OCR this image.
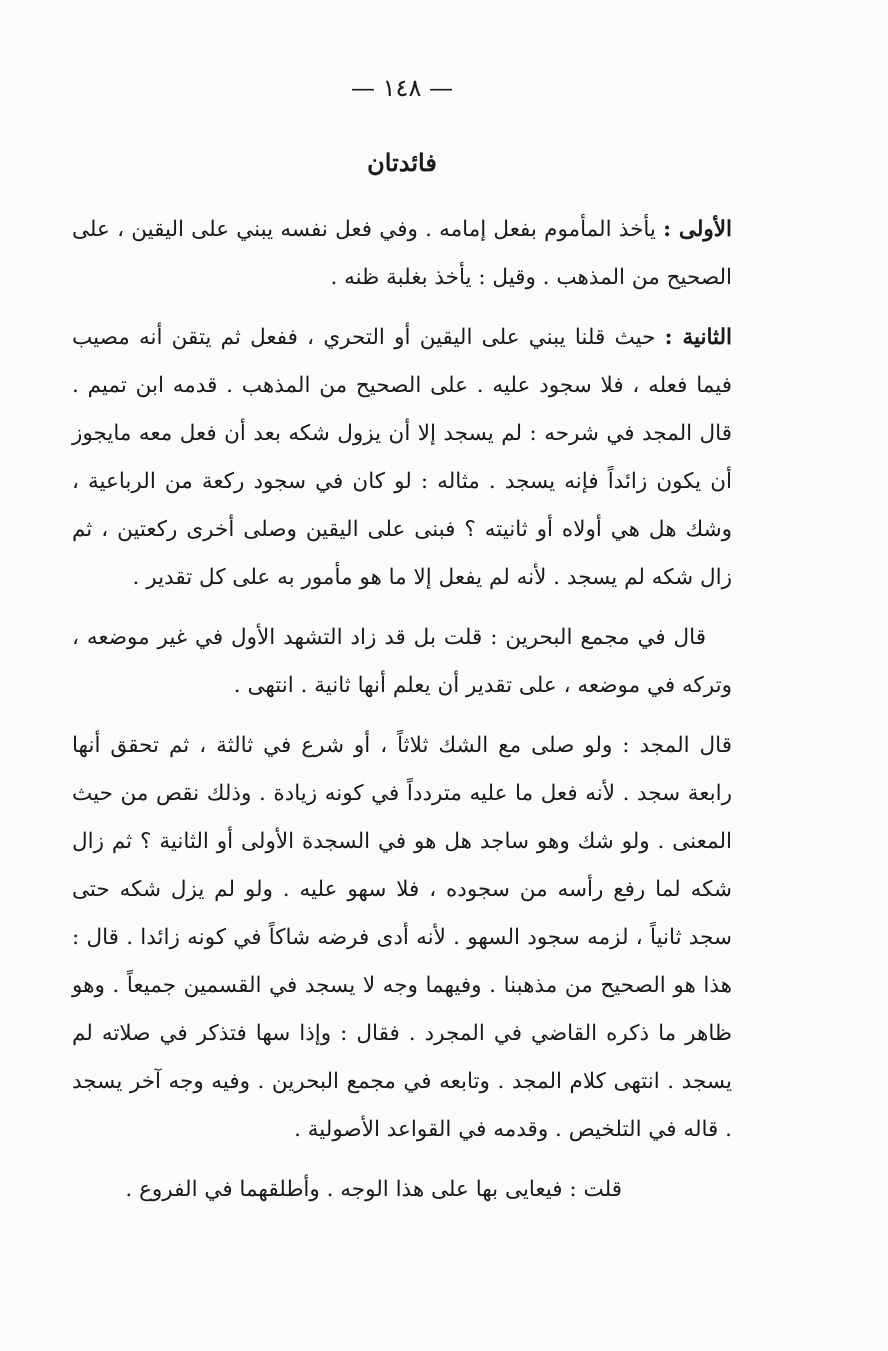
— ١٤٨ —
فائدتان

الأولى : يأخذ المأموم بفعل إمامه . وفي فعل نفسه يبني على اليقين ، على الصحيح من المذهب . وقيل : يأخذ بغلبة ظنه .

الثانية : حيث قلنا يبني على اليقين أو التحري ، ففعل ثم يتقن أنه مصيب فيما فعله ، فلا سجود عليه . على الصحيح من المذهب . قدمه ابن تميم . قال المجد في شرحه : لم يسجد إلا أن يزول شكه بعد أن فعل معه مايجوز أن يكون زائداً فإنه يسجد . مثاله : لو كان في سجود ركعة من الرباعية ، وشك هل هي أولاه أو ثانيته ؟ فبنى على اليقين وصلى أخرى ركعتين ، ثم زال شكه لم يسجد . لأنه لم يفعل إلا ما هو مأمور به على كل تقدير .

قال في مجمع البحرين : قلت بل قد زاد التشهد الأول في غير موضعه ، وتركه في موضعه ، على تقدير أن يعلم أنها ثانية . انتهى .

قال المجد : ولو صلى مع الشك ثلاثاً ، أو شرع في ثالثة ، ثم تحقق أنها رابعة سجد . لأنه فعل ما عليه متردداً في كونه زيادة . وذلك نقص من حيث المعنى . ولو شك وهو ساجد هل هو في السجدة الأولى أو الثانية ؟ ثم زال شكه لما رفع رأسه من سجوده ، فلا سهو عليه . ولو لم يزل شكه حتى سجد ثانياً ، لزمه سجود السهو . لأنه أدى فرضه شاكاً في كونه زائدا . قال : هذا هو الصحيح من مذهبنا . وفيهما وجه لا يسجد في القسمين جميعاً . وهو ظاهر ما ذكره القاضي في المجرد . فقال : وإذا سها فتذكر في صلاته لم يسجد . انتهى كلام المجد . وتابعه في مجمع البحرين . وفيه وجه آخر يسجد . قاله في التلخيص . وقدمه في القواعد الأصولية .

قلت : فيعايى بها على هذا الوجه . وأطلقهما في الفروع .
